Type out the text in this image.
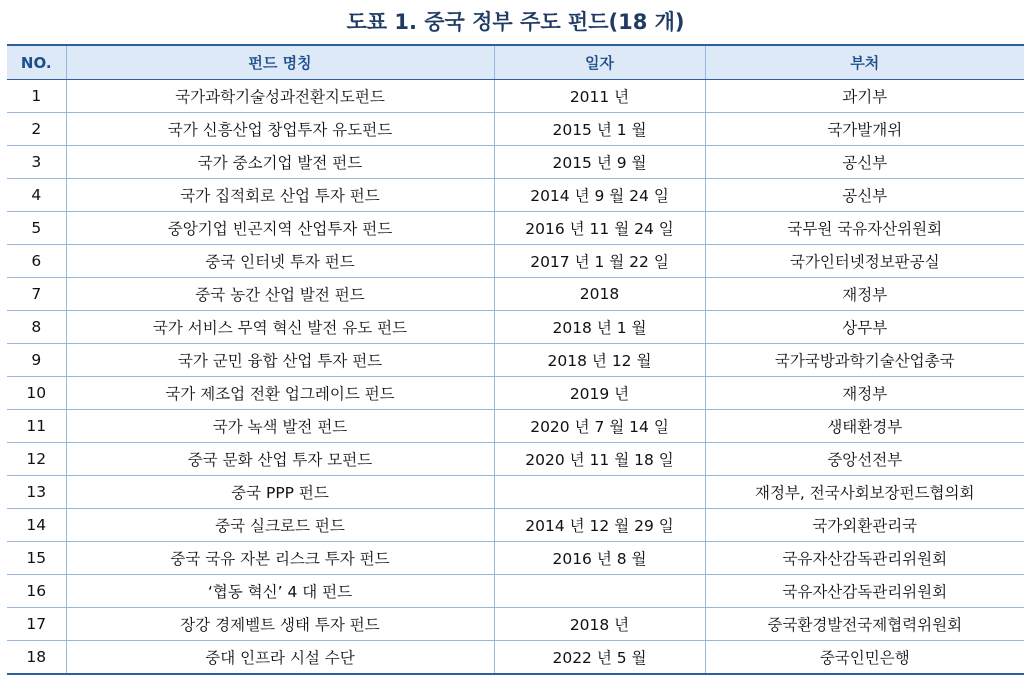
도표 1. 중국 정부 주도 펀드(18 개)
NO.	펀드 명칭	일자	부처
1	국가과학기술성과전환지도펀드	2011 년	과기부
2	국가 신흥산업 창업투자 유도펀드	2015 년 1 월	국가발개위
3	국가 중소기업 발전 펀드	2015 년 9 월	공신부
4	국가 집적회로 산업 투자 펀드	2014 년 9 월 24 일	공신부
5	중앙기업 빈곤지역 산업투자 펀드	2016 년 11 월 24 일	국무원 국유자산위원회
6	중국 인터넷 투자 펀드	2017 년 1 월 22 일	국가인터넷정보판공실
7	중국 농간 산업 발전 펀드	2018	재정부
8	국가 서비스 무역 혁신 발전 유도 펀드	2018 년 1 월	상무부
9	국가 군민 융합 산업 투자 펀드	2018 년 12 월	국가국방과학기술산업총국
10	국가 제조업 전환 업그레이드 펀드	2019 년	재정부
11	국가 녹색 발전 펀드	2020 년 7 월 14 일	생태환경부
12	중국 문화 산업 투자 모펀드	2020 년 11 월 18 일	중앙선전부
13	중국 PPP 펀드		재정부, 전국사회보장펀드협의회
14	중국 실크로드 펀드	2014 년 12 월 29 일	국가외환관리국
15	중국 국유 자본 리스크 투자 펀드	2016 년 8 월	국유자산감독관리위원회
16	‘협동 혁신’ 4 대 펀드		국유자산감독관리위원회
17	장강 경제벨트 생태 투자 펀드	2018 년	중국환경발전국제협력위원회
18	중대 인프라 시설 수단	2022 년 5 월	중국인민은행
